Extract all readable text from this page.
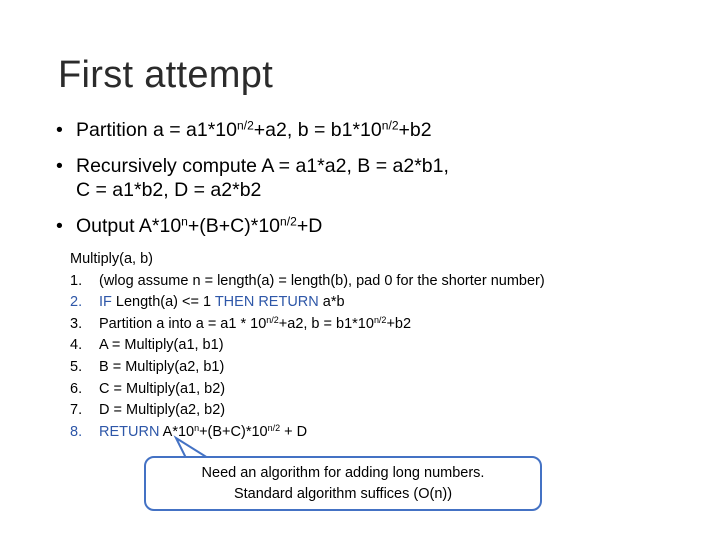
First attempt
• Partition $a = a1*10^{n/2}+a2$, $b = b1*10^{n/2}+b2$
• Recursively compute A = a1*a2, B = a2*b1,
C = a1*b2, D = a2*b2
• Output $A*10^n+(B+C)*10^{n/2}+D$
Multiply(a, b)
1. (wlog assume n = length(a) = length(b), pad 0 for the shorter number)
2. IF Length(a) <= 1 THEN RETURN a*b
3. Partition a into $a = a1 * 10^{n/2}+a2$, $b = b1*10^{n/2}+b2$
4. A = Multiply(a1, b1)
5. B = Multiply(a2, b1)
6. C = Multiply(a1, b2)
7. D = Multiply(a2, b2)
8. RETURN $A*10^n+(B+C)*10^{n/2} + D$
Need an algorithm for adding long numbers.
Standard algorithm suffices (O(n))
